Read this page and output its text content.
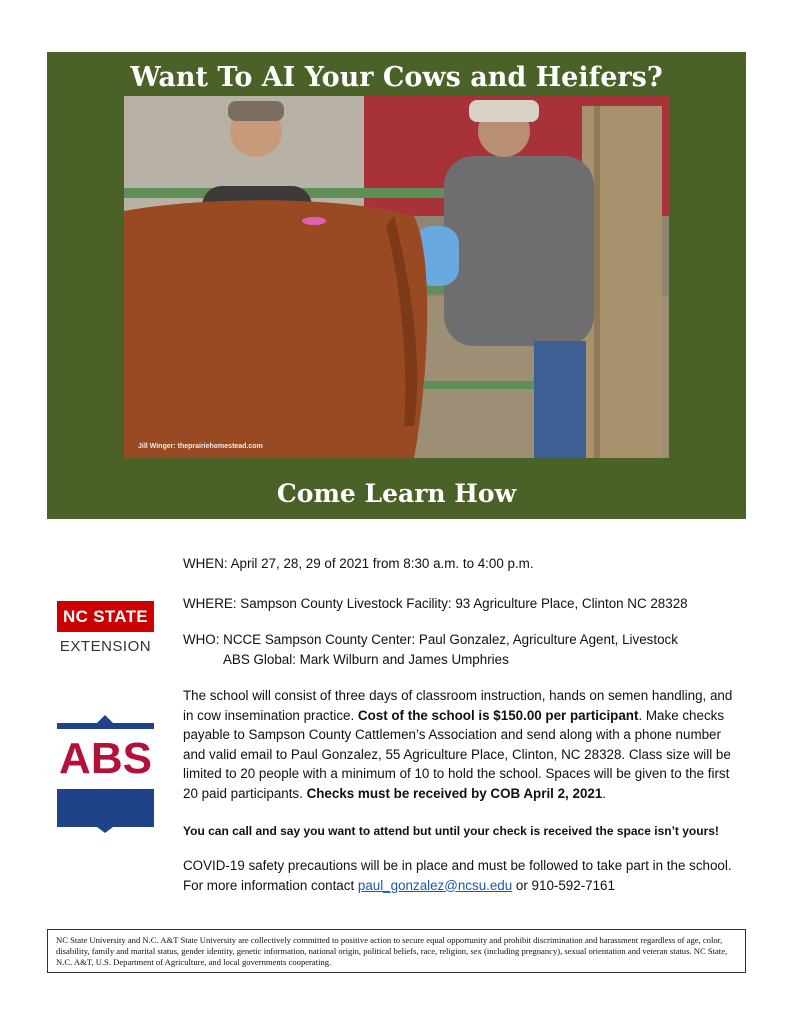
Want To AI Your Cows and Heifers?
Jill Winger: theprairiehomestead.com
Come Learn How
NC STATE
EXTENSION
ABS

WHEN: April 27, 28, 29 of 2021 from 8:30 a.m. to 4:00 p.m.

WHERE: Sampson County Livestock Facility: 93 Agriculture Place, Clinton NC 28328

WHO: NCCE Sampson County Center: Paul Gonzalez, Agriculture Agent, Livestock

ABS Global: Mark Wilburn and James Umphries

The school will consist of three days of classroom instruction, hands on semen handling, and in cow insemination practice. Cost of the school is $150.00 per participant. Make checks payable to Sampson County Cattlemen’s Association and send along with a phone number and valid email to Paul Gonzalez, 55 Agriculture Place, Clinton, NC 28328. Class size will be limited to 20 people with a minimum of 10 to hold the school. Spaces will be given to the first 20 paid participants. Checks must be received by COB April 2, 2021.

You can call and say you want to attend but until your check is received the space isn’t yours!

COVID-19 safety precautions will be in place and must be followed to take part in the school. For more information contact paul_gonzalez@ncsu.edu or 910-592-7161

NC State University and N.C. A&T State University are collectively committed to positive action to secure equal opportunity and prohibit discrimination and harassment regardless of age, color, disability, family and marital status, gender identity, genetic information, national origin, political beliefs, race, religion, sex (including pregnancy), sexual orientation and veteran status. NC State, N.C. A&T, U.S. Department of Agriculture, and local governments cooperating.
